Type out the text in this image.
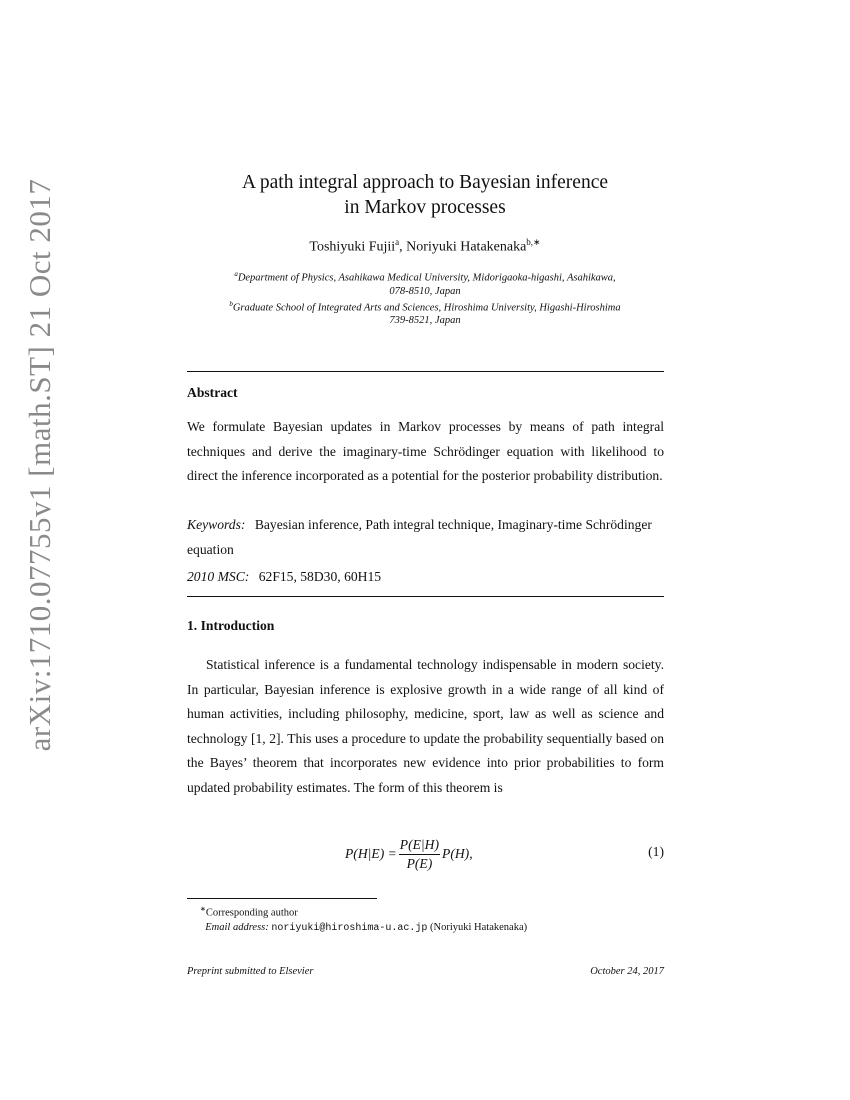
arXiv:1710.07755v1 [math.ST] 21 Oct 2017	A path integral approach to Bayesian inference
in Markov processes
Toshiyuki Fujii$^a$, Noriyuki Hatakenaka$^{b,∗}$
$^a$Department of Physics, Asahikawa Medical University, Midorigaoka-higashi, Asahikawa,
078-8510, Japan
$^b$Graduate School of Integrated Arts and Sciences, Hiroshima University, Higashi-Hiroshima
739-8521, Japan
Abstract
We formulate Bayesian updates in Markov processes by means of path integral techniques and derive the imaginary-time Schrödinger equation with likelihood to direct the inference incorporated as a potential for the posterior probability distribution.
Keywords: Bayesian inference, Path integral technique, Imaginary-time Schrödinger equation
2010 MSC: 62F15, 58D30, 60H15
1. Introduction
Statistical inference is a fundamental technology indispensable in modern society. In particular, Bayesian inference is explosive growth in a wide range of all kind of human activities, including philosophy, medicine, sport, law as well as science and technology [1, 2]. This uses a procedure to update the probability sequentially based on the Bayes’ theorem that incorporates new evidence into prior probabilities to form updated probability estimates. The form of this theorem is
$P(H|E) = \frac{P(E|H)}{P(E)} P(H)$,	(1)
∗Corresponding author
Email address: noriyuki@hiroshima-u.ac.jp (Noriyuki Hatakenaka)
Preprint submitted to Elsevier	October 24, 2017
